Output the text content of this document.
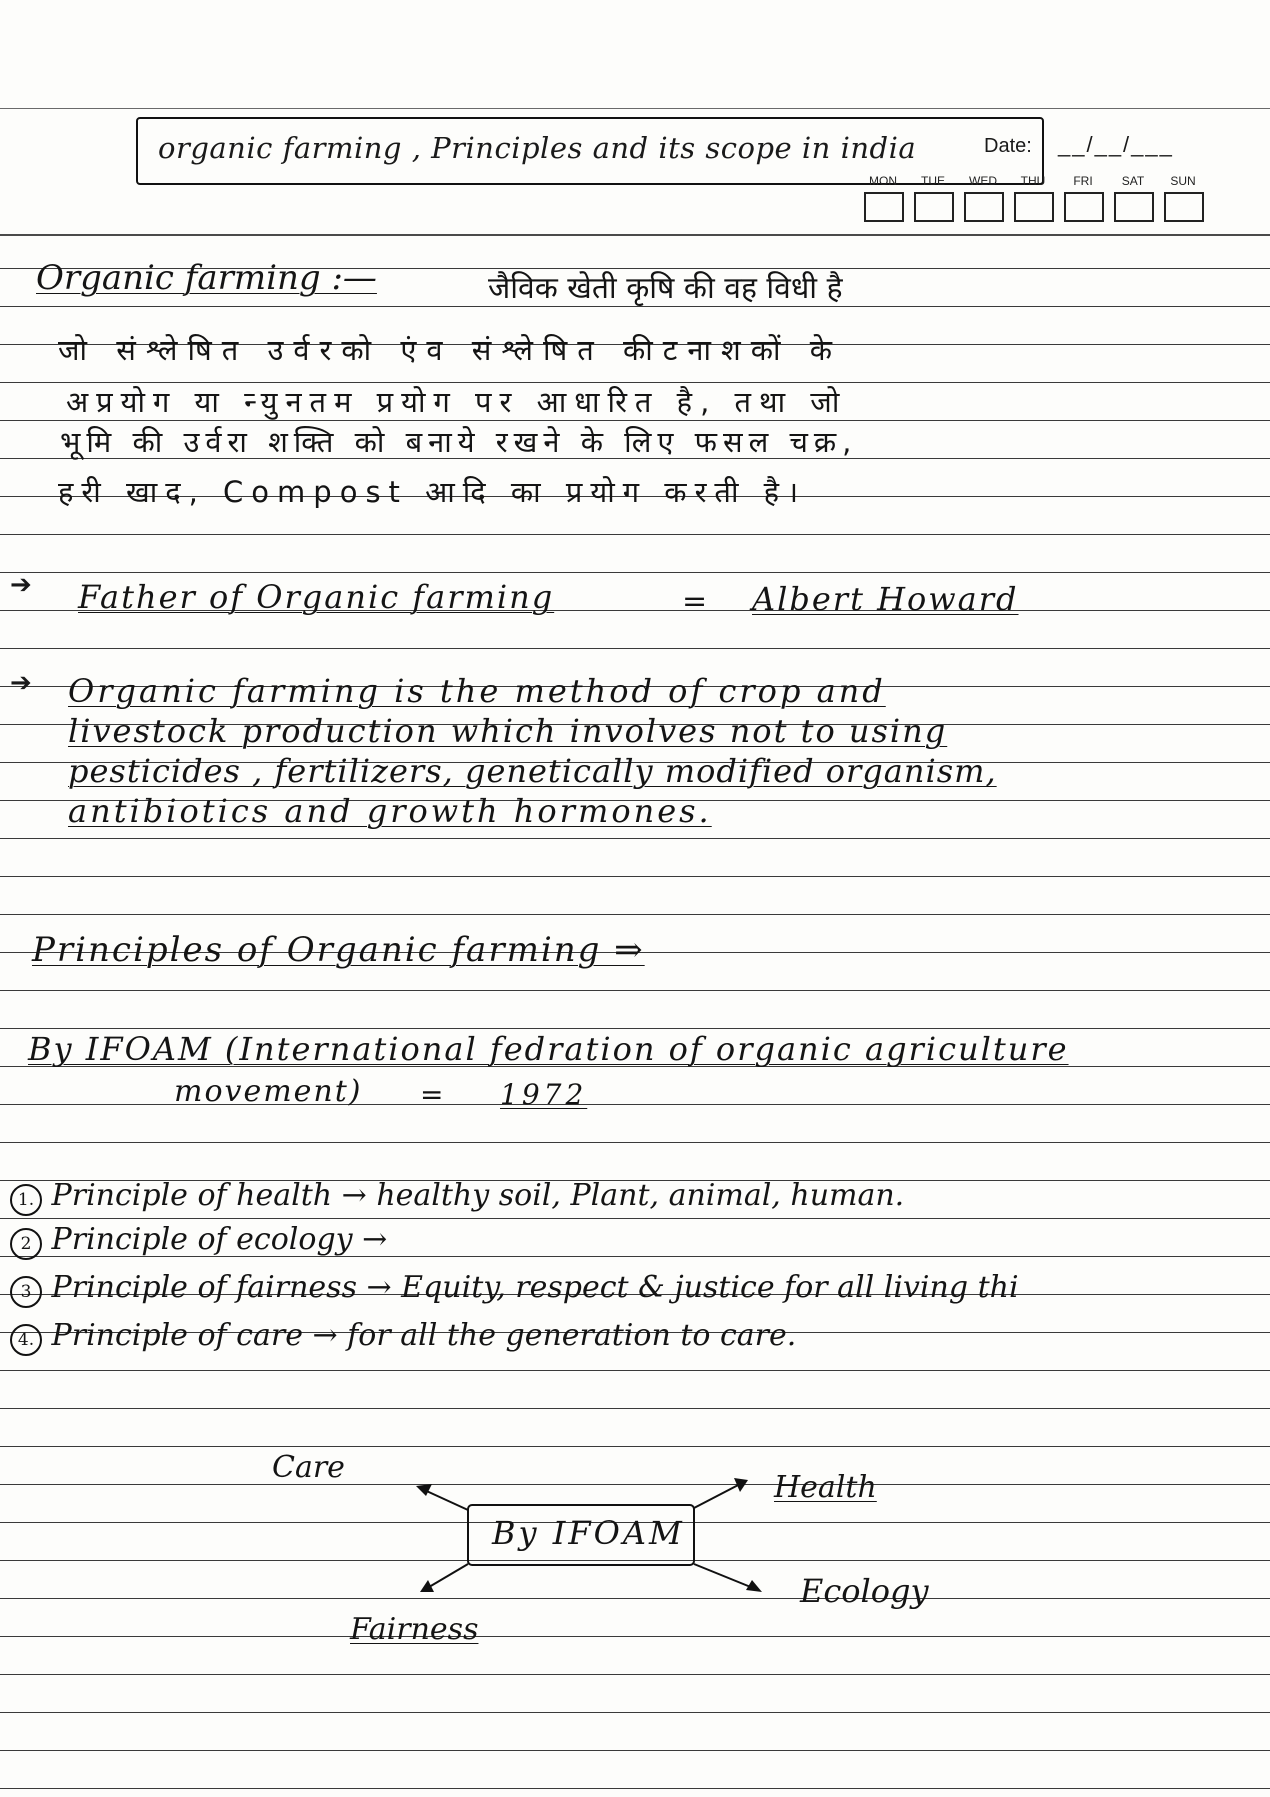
organic farming , Principles and its scope in india	Date: __/__/___
MON	TUE	WED	THU	FRI	SAT	SUN
Organic farming :—	जैविक खेती कृषि की वह विधी है
जो संश्लेषित उर्वरको एंव संश्लेषित कीटनाशकों के
अप्रयोग या न्युनतम प्रयोग पर आधारित है, तथा जो
भूमि की उर्वरा शक्ति को बनाये रखने के लिए फसल चक्र,
हरी खाद, Compost आदि का प्रयोग करती है।
➔ Father of Organic farming	= Albert Howard
➔ Organic farming is the method of crop and
livestock production which involves not to using
pesticides , fertilizers, genetically modified organism,
antibiotics and growth hormones.
Principles of Organic farming ⇒
By IFOAM (International fedration of organic agriculture
movement) = 1972
1. Principle of health → healthy soil, Plant, animal, human.
2 Principle of ecology →
3 Principle of fairness → Equity, respect & justice for all living thi
4. Principle of care → for all the generation to care.
By IFOAM
Care
Health
Ecology
Fairness
